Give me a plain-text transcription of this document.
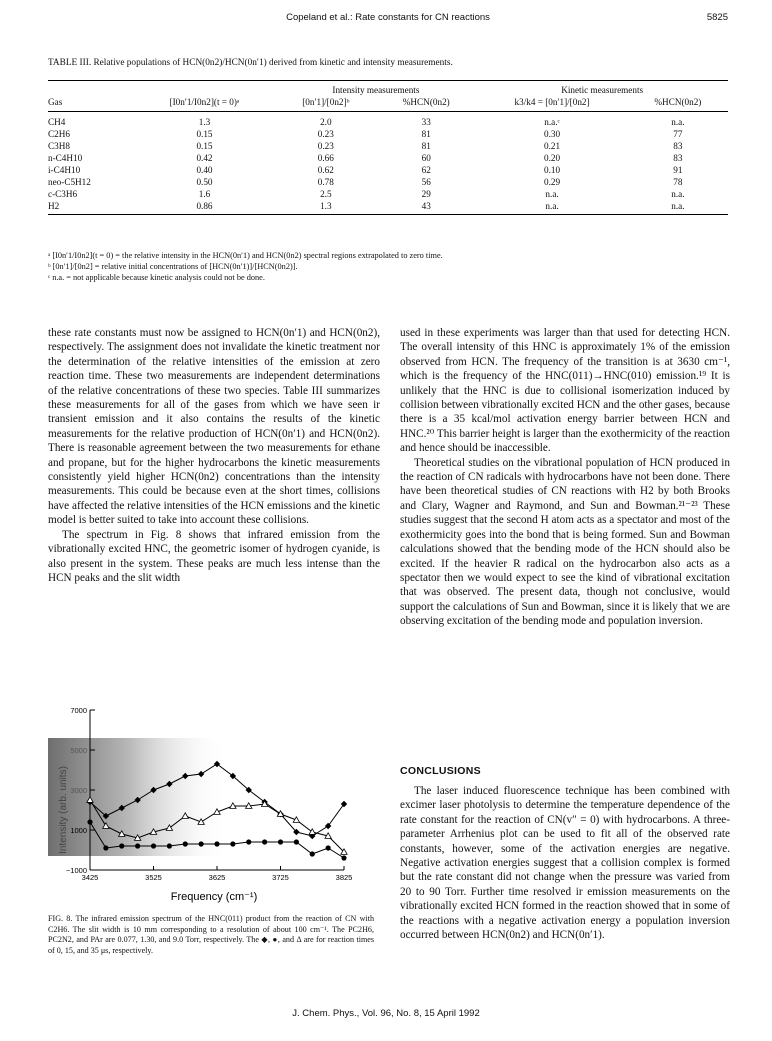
Copeland et al.: Rate constants for CN reactions	5825
TABLE III. Relative populations of HCN(0n2)/HCN(0n′1) derived from kinetic and intensity measurements.
		Intensity measurements		Kinetic measurements	
Gas	[I0n′1/I0n2](t = 0)ᵃ	[0n′1]/[0n2]ᵇ	%HCN(0n2)	k3/k4 = [0n′1]/[0n2]	%HCN(0n2)
CH4	1.3	2.0	33	n.a.ᶜ	n.a.
C2H6	0.15	0.23	81	0.30	77
C3H8	0.15	0.23	81	0.21	83
n-C4H10	0.42	0.66	60	0.20	83
i-C4H10	0.40	0.62	62	0.10	91
neo-C5H12	0.50	0.78	56	0.29	78
c-C3H6	1.6	2.5	29	n.a.	n.a.
H2	0.86	1.3	43	n.a.	n.a.
ᵃ [I0n′1/I0n2](t = 0) = the relative intensity in the HCN(0n′1) and HCN(0n2) spectral regions extrapolated to zero time.
ᵇ [0n′1]/[0n2] = relative initial concentrations of [HCN(0n′1)]/[HCN(0n2)].
ᶜ n.a. = not applicable because kinetic analysis could not be done.

these rate constants must now be assigned to HCN(0n′1) and HCN(0n2), respectively. The assignment does not invalidate the kinetic treatment nor the determination of the relative intensities of the emission at zero reaction time. These two measurements are independent determinations of the relative concentrations of these two species. Table III summarizes these measurements for all of the gases from which we have seen ir transient emission and it also contains the results of the kinetic measurements for the relative production of HCN(0n′1) and HCN(0n2). There is reasonable agreement between the two measurements for ethane and propane, but for the higher hydrocarbons the kinetic measurements consistently yield higher HCN(0n2) concentrations than the intensity measurements. This could be because even at the short times, collisions have affected the relative intensities of the HCN emissions and the kinetic model is better suited to take into account these collisions.

The spectrum in Fig. 8 shows that infrared emission from the vibrationally excited HNC, the geometric isomer of hydrogen cyanide, is also present in the system. These peaks are much less intense than the HCN peaks and the slit width

−1000
1000
3000
5000
7000
3425	3525	3625	3725	3825
Frequency (cm⁻¹)
Intensity (arb. units)
FIG. 8. The infrared emission spectrum of the HNC(011) product from the reaction of CN with C2H6. The slit width is 10 mm corresponding to a resolution of about 100 cm⁻¹. The PC2H6, PC2N2, and PAr are 0.077, 1.30, and 9.0 Torr, respectively. The ◆, ●, and Δ are for reaction times of 0, 15, and 35 μs, respectively.

used in these experiments was larger than that used for detecting HCN. The overall intensity of this HNC is approximately 1% of the emission observed from HCN. The frequency of the transition is at 3630 cm⁻¹, which is the frequency of the HNC(011)→HNC(010) emission.¹⁹ It is unlikely that the HNC is due to collisional isomerization induced by collision between vibrationally excited HCN and the other gases, because there is a 35 kcal/mol activation energy barrier between HCN and HNC.²⁰ This barrier height is larger than the exothermicity of the reaction and hence should be inaccessible.

Theoretical studies on the vibrational population of HCN produced in the reaction of CN radicals with hydrocarbons have not been done. There have been theoretical studies of CN reactions with H2 by both Brooks and Clary, Wagner and Raymond, and Sun and Bowman.²¹⁻²³ These studies suggest that the second H atom acts as a spectator and most of the exothermicity goes into the bond that is being formed. Sun and Bowman calculations showed that the bending mode of the HCN should also be excited. If the heavier R radical on the hydrocarbon also acts as a spectator then we would expect to see the kind of vibrational excitation that was observed. The present data, though not conclusive, would support the calculations of Sun and Bowman, since it is likely that we are observing excitation of the bending mode and population inversion.

CONCLUSIONS

The laser induced fluorescence technique has been combined with excimer laser photolysis to determine the temperature dependence of the rate constant for the reaction of CN(v″ = 0) with hydrocarbons. A three-parameter Arrhenius plot can be used to fit all of the observed rate constants, however, some of the activation energies are negative. Negative activation energies suggest that a collision complex is formed but the rate constant did not change when the pressure was varied from 20 to 90 Torr. Further time resolved ir emission measurements on the vibrationally excited HCN formed in the reaction showed that in some of the reactions with a negative activation energy a population inversion occurred between HCN(0n2) and HCN(0n′1).

J. Chem. Phys., Vol. 96, No. 8, 15 April 1992
